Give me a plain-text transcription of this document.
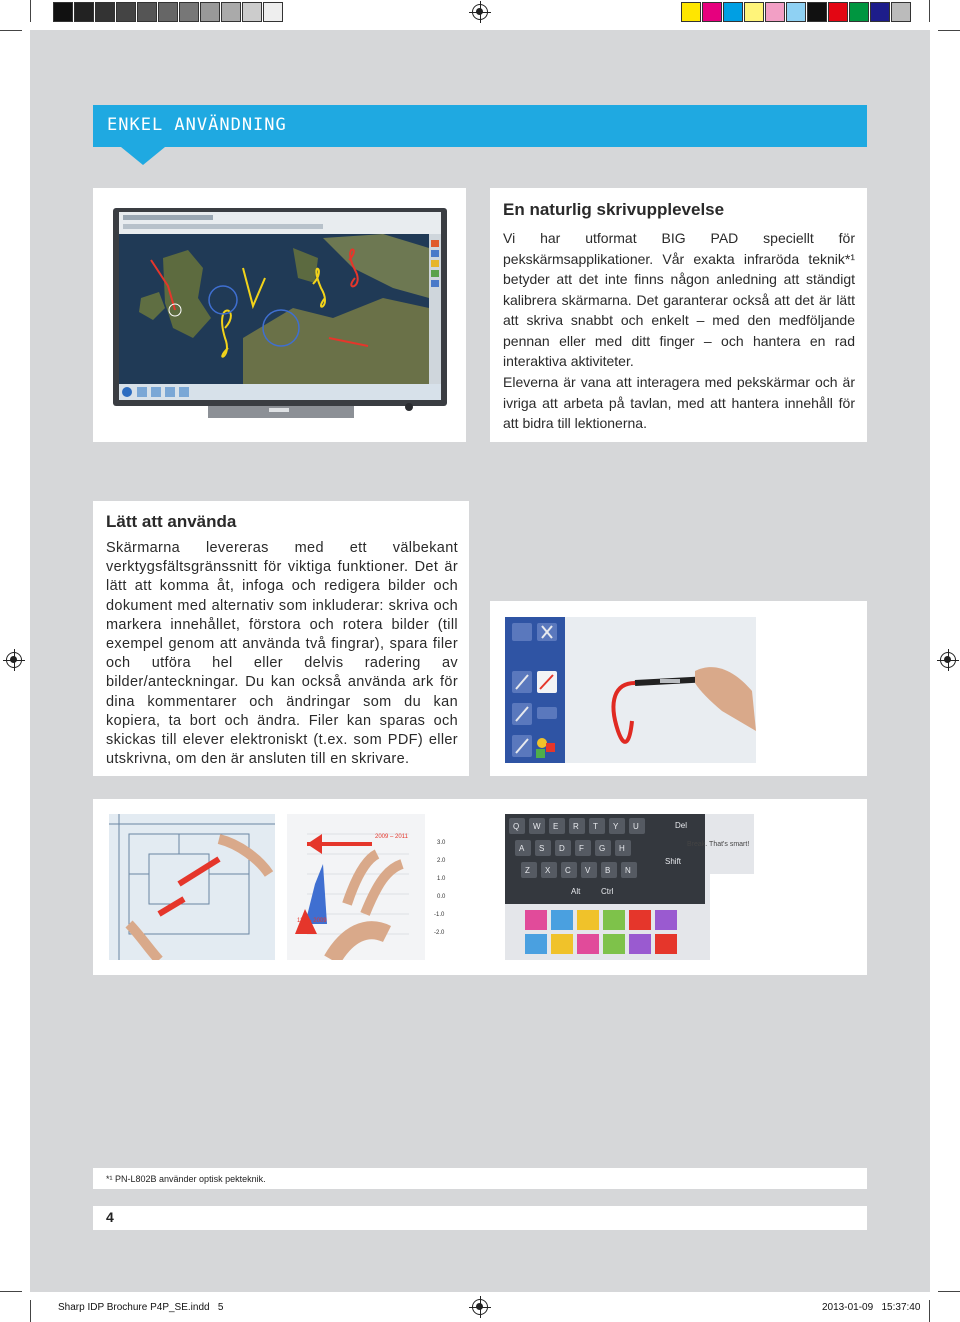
ENKEL ANVÄNDNING
En naturlig skrivupplevelse

Vi har utformat BIG PAD speciellt för pekskärmsapplikationer. Vår exakta infraröda teknik*¹ betyder att det inte finns någon anledning att ständigt kalibrera skärmarna. Det garanterar också att det är lätt att skriva snabbt och enkelt – med den medföljande pennan eller med ditt finger – och hantera en rad interaktiva aktiviteter.

Eleverna är vana att interagera med pekskärmar och är ivriga att arbeta på tavlan, med att hantera innehåll för att bidra till lektionerna.

Lätt att använda

Skärmarna levereras med ett välbekant verktygsfältsgränssnitt för viktiga funktioner. Det är lätt att komma åt, infoga och redigera bilder och dokument med alternativ som inkluderar: skriva och markera innehållet, förstora och rotera bilder (till exempel genom att använda två fingrar), spara filer och utföra hel eller delvis radering av bilder/anteckningar. Du kan också använda ark för dina kommentarer och ändringar som du kan kopiera, ta bort och ändra. Filer kan sparas och skickas till elever elektroniskt (t.ex. som PDF) eller utskrivna, om den är ansluten till en skrivare.

2009 – 2011
112 – 2009
3.0
2.0
1.0
0.0
-1.0
-2.0
Q W E R T Y U
A S D F G H
Z X C V B N
Alt	Ctrl
Shift
Del
Break. That's smart!
*¹ PN-L802B använder optisk pekteknik.
4
Sharp IDP Brochure P4P_SE.indd   5	2013-01-09   15:37:40
